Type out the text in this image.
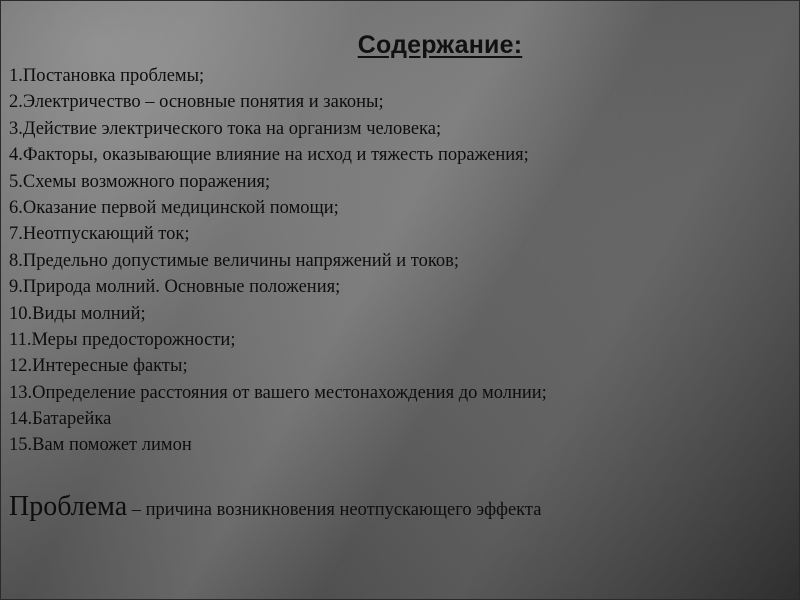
Содержание:
1.Постановка проблемы;
2.Электричество – основные понятия и законы;
3.Действие электрического тока на организм человека;
4.Факторы, оказывающие влияние на исход и тяжесть поражения;
5.Схемы возможного поражения;
6.Оказание первой медицинской помощи;
7.Неотпускающий ток;
8.Предельно допустимые величины напряжений и токов;
9.Природа молний. Основные положения;
10.Виды молний;
11.Меры предосторожности;
12.Интересные факты;
13.Определение расстояния от вашего местонахождения до молнии;
14.Батарейка
15.Вам поможет лимон
Проблема – причина возникновения неотпускающего эффекта
